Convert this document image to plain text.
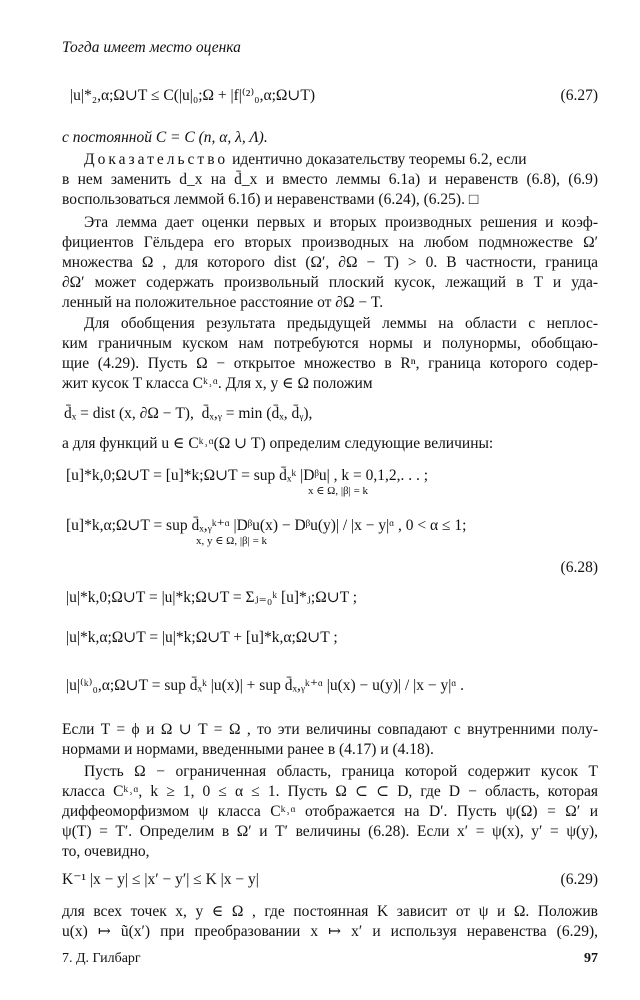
Тогда имеет место оценка
|u|*₂,α;Ω∪T ≤ C(|u|₀;Ω + |f|⁽²⁾₀,α;Ω∪T)	(6.27)
с постоянной C = C (n, α, λ, Λ).
Доказательство идентично доказательству теоремы 6.2, если
в нем заменить d_x на d̄_x и вместо леммы 6.1a) и неравенств (6.8), (6.9)
воспользоваться леммой 6.1б) и неравенствами (6.24), (6.25). □
Эта лемма дает оценки первых и вторых производных решения и коэф-
фициентов Гёльдера его вторых производных на любом подмножестве Ω′
множества Ω , для которого dist (Ω′, ∂Ω − T) > 0. В частности, граница
∂Ω′ может содержать произвольный плоский кусок, лежащий в T и уда-
ленный на положительное расстояние от ∂Ω − T.
Для обобщения результата предыдущей леммы на области с неплос-
ким граничным куском нам потребуются нормы и полунормы, обобщаю-
щие (4.29). Пусть Ω − открытое множество в Rⁿ, граница которого содер-
жит кусок T класса Cᵏ˒ᵅ. Для x, y ∈ Ω положим
d̄ₓ = dist (x, ∂Ω − T), d̄ₓ,ᵧ = min (d̄ₓ, d̄ᵧ),
а для функций u ∈ Cᵏ˒ᵅ(Ω ∪ T) определим следующие величины:
[u]*k,0;Ω∪T = [u]*k;Ω∪T = sup d̄ₓᵏ |Dᵝu| , k = 0,1,2,. . . ;
x ∈ Ω, |β| = k
[u]*k,α;Ω∪T = sup d̄ₓ,ᵧᵏ⁺ᵅ |Dᵝu(x) − Dᵝu(y)| / |x − y|ᵅ , 0 < α ≤ 1;
x, y ∈ Ω, |β| = k
(6.28)
|u|*k,0;Ω∪T = |u|*k;Ω∪T = Σⱼ₌₀ᵏ [u]*ⱼ;Ω∪T ;
|u|*k,α;Ω∪T = |u|*k;Ω∪T + [u]*k,α;Ω∪T ;
|u|⁽ᵏ⁾₀,α;Ω∪T = sup d̄ₓᵏ |u(x)| + sup d̄ₓ,ᵧᵏ⁺ᵅ |u(x) − u(y)| / |x − y|ᵅ .
Если T = ϕ и Ω ∪ T = Ω , то эти величины совпадают с внутренними полу-
нормами и нормами, введенными ранее в (4.17) и (4.18).
Пусть Ω − ограниченная область, граница которой содержит кусок T
класса Cᵏ˒ᵅ, k ≥ 1, 0 ≤ α ≤ 1. Пусть Ω ⊂ ⊂ D, где D − область, которая
диффеоморфизмом ψ класса Cᵏ˒ᵅ отображается на D′. Пусть ψ(Ω) = Ω′ и
ψ(T) = T′. Определим в Ω′ и T′ величины (6.28). Если x′ = ψ(x), y′ = ψ(y),
то, очевидно,
K⁻¹ |x − y| ≤ |x′ − y′| ≤ K |x − y|	(6.29)
для всех точек x, y ∈ Ω , где постоянная K зависит от ψ и Ω. Положив
u(x) ↦ ũ(x′) при преобразовании x ↦ x′ и используя неравенства (6.29),
7. Д. Гилбарг	97
